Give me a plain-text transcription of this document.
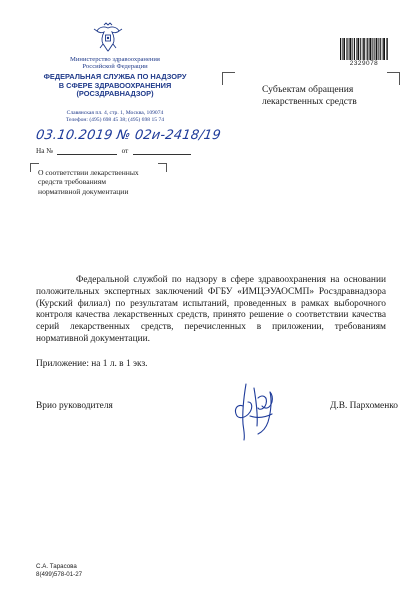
Министерство здравоохранения
Российской Федерации
ФЕДЕРАЛЬНАЯ СЛУЖБА ПО НАДЗОРУ
В СФЕРЕ ЗДРАВООХРАНЕНИЯ
(РОСЗДРАВНАДЗОР)
Славянская пл. 4, стр. 1, Москва, 109074
Телефон: (495) 698 45 38; (495) 698 15 74
2329078
Субъектам обращения
лекарственных средств
03.10.2019 № 02и-2418/19
На №	от
О соответствии лекарственных
средств требованиям
нормативной документации
Федеральной службой по надзору в сфере здравоохранения на основании положительных экспертных заключений ФГБУ «ИМЦЭУАОСМП» Росздравнадзора (Курский филиал) по результатам испытаний, проведенных в рамках выборочного контроля качества лекарственных средств, принято решение о соответствии качества серий лекарственных средств, перечисленных в приложении, требованиям нормативной документации.
Приложение: на 1 л. в 1 экз.
Врио руководителя	Д.В. Пархоменко
С.А. Тарасова
8(499)578-01-27
